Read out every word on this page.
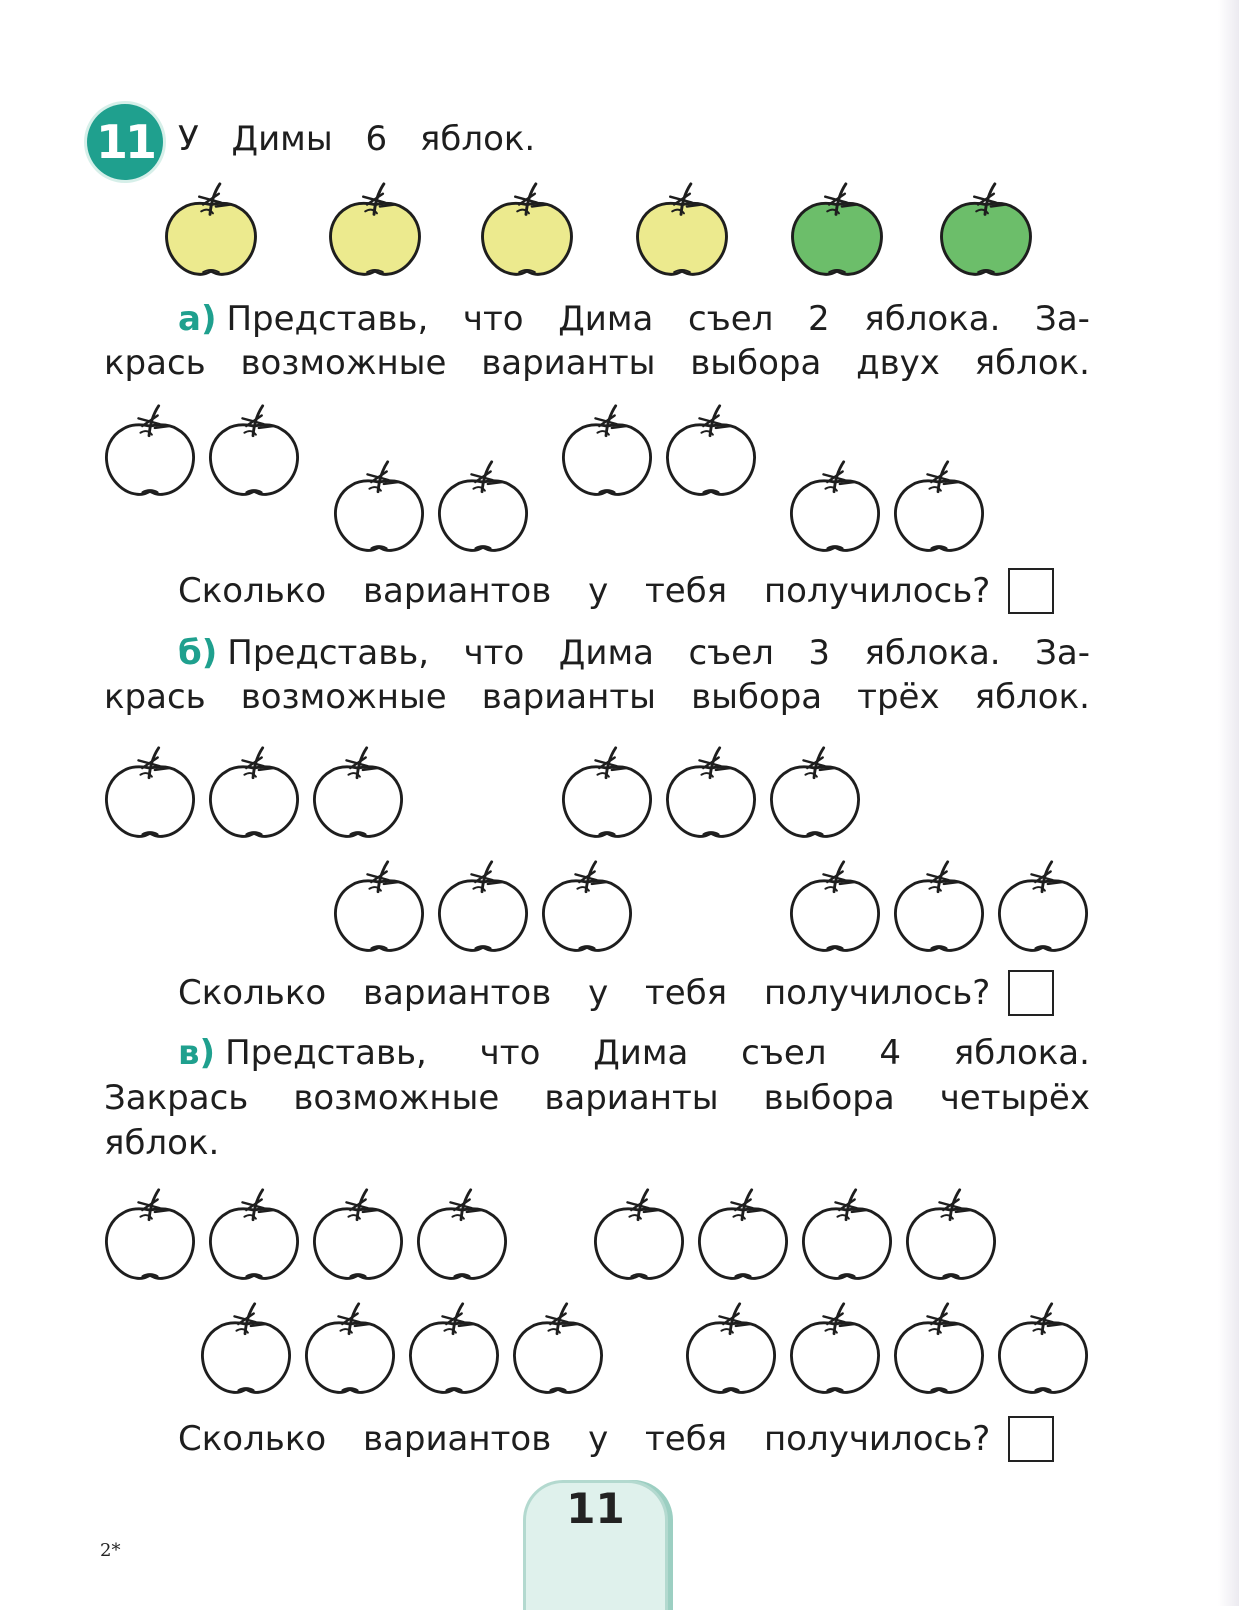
11 У Димы 6 яблок.
а) Представь, что Дима съел 2 яблока. За-
крась возможные варианты выбора двух яблок.
Сколько вариантов у тебя получилось?
б) Представь, что Дима съел 3 яблока. За-
крась возможные варианты выбора трёх яблок.
Сколько вариантов у тебя получилось?
в) Представь, что Дима съел 4 яблока.
Закрась возможные варианты выбора четырёх
яблок.
Сколько вариантов у тебя получилось?
11
2*
